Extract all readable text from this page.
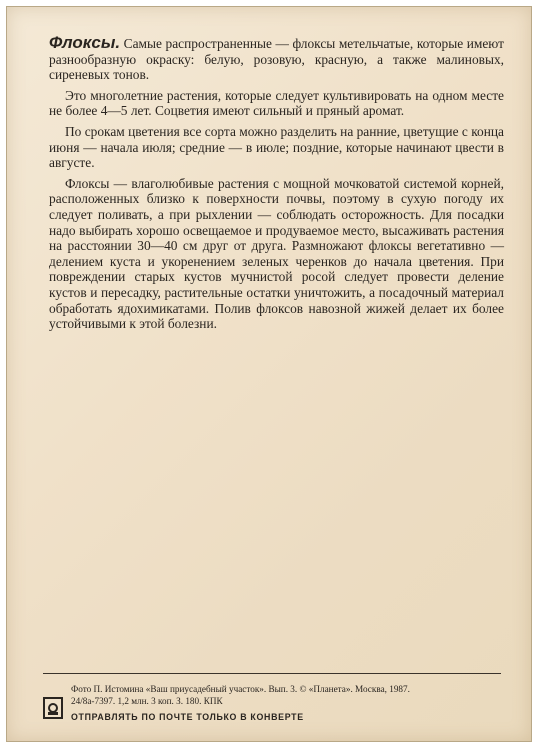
Флоксы. Самые распространенные — флоксы метельчатые, которые имеют разнообразную окраску: белую, розовую, красную, а также малиновых, сиреневых тонов.

Это многолетние растения, которые следует культивировать на одном месте не более 4—5 лет. Соцветия имеют сильный и пряный аромат.

По срокам цветения все сорта можно разделить на ранние, цветущие с конца июня — начала июля; средние — в июле; поздние, которые начинают цвести в августе.

Флоксы — влаголюбивые растения с мощной мочковатой системой корней, расположенных близко к поверхности почвы, поэтому в сухую погоду их следует поливать, а при рыхлении — соблюдать осторожность. Для посадки надо выбирать хорошо освещаемое и продуваемое место, высаживать растения на расстоянии 30—40 см друг от друга. Размножают флоксы вегетативно — делением куста и укоренением зеленых черенков до начала цветения. При повреждении старых кустов мучнистой росой следует провести деление кустов и пересадку, растительные остатки уничтожить, а посадочный материал обработать ядохимикатами. Полив флоксов навозной жижей делает их более устойчивыми к этой болезни.

Фото П. Истомина «Ваш приусадебный участок». Вып. 3. © «Планета». Москва, 1987.
24/8а-7397. 1,2 млн. 3 коп. З. 180. КПК
ОТПРАВЛЯТЬ ПО ПОЧТЕ ТОЛЬКО В КОНВЕРТЕ
